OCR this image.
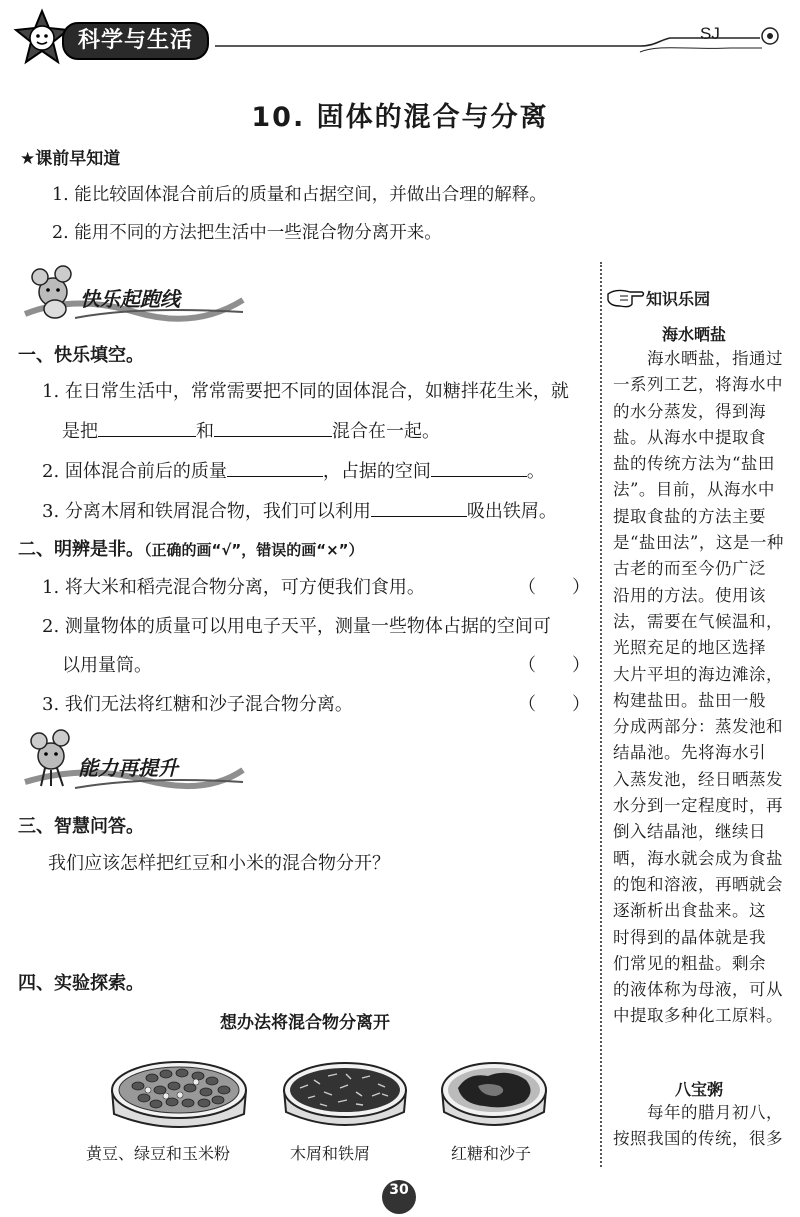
科学与生活	SJ
10. 固体的混合与分离
★课前早知道
1. 能比较固体混合前后的质量和占据空间，并做出合理的解释。
2. 能用不同的方法把生活中一些混合物分离开来。
快乐起跑线
一、快乐填空。
1. 在日常生活中，常常需要把不同的固体混合，如糖拌花生米，就
是把	和	混合在一起。
2. 固体混合前后的质量	，占据的空间	。
3. 分离木屑和铁屑混合物，我们可以利用	吸出铁屑。
二、明辨是非。（正确的画“√”，错误的画“×”）
1. 将大米和稻壳混合物分离，可方便我们食用。	（　　）
2. 测量物体的质量可以用电子天平，测量一些物体占据的空间可
以用量筒。	（　　）
3. 我们无法将红糖和沙子混合物分离。	（　　）
能力再提升
三、智慧问答。
我们应该怎样把红豆和小米的混合物分开？
四、实验探索。
想办法将混合物分离开
黄豆、绿豆和玉米粉	木屑和铁屑	红糖和沙子
知识乐园
海水晒盐
　　海水晒盐，指通过
一系列工艺，将海水中
的水分蒸发，得到海
盐。从海水中提取食
盐的传统方法为“盐田
法”。目前，从海水中
提取食盐的方法主要
是“盐田法”，这是一种
古老的而至今仍广泛
沿用的方法。使用该
法，需要在气候温和，
光照充足的地区选择
大片平坦的海边滩涂，
构建盐田。盐田一般
分成两部分：蒸发池和
结晶池。先将海水引
入蒸发池，经日晒蒸发
水分到一定程度时，再
倒入结晶池，继续日
晒，海水就会成为食盐
的饱和溶液，再晒就会
逐渐析出食盐来。这
时得到的晶体就是我
们常见的粗盐。剩余
的液体称为母液，可从
中提取多种化工原料。
八宝粥
　　每年的腊月初八，
按照我国的传统，很多
30
